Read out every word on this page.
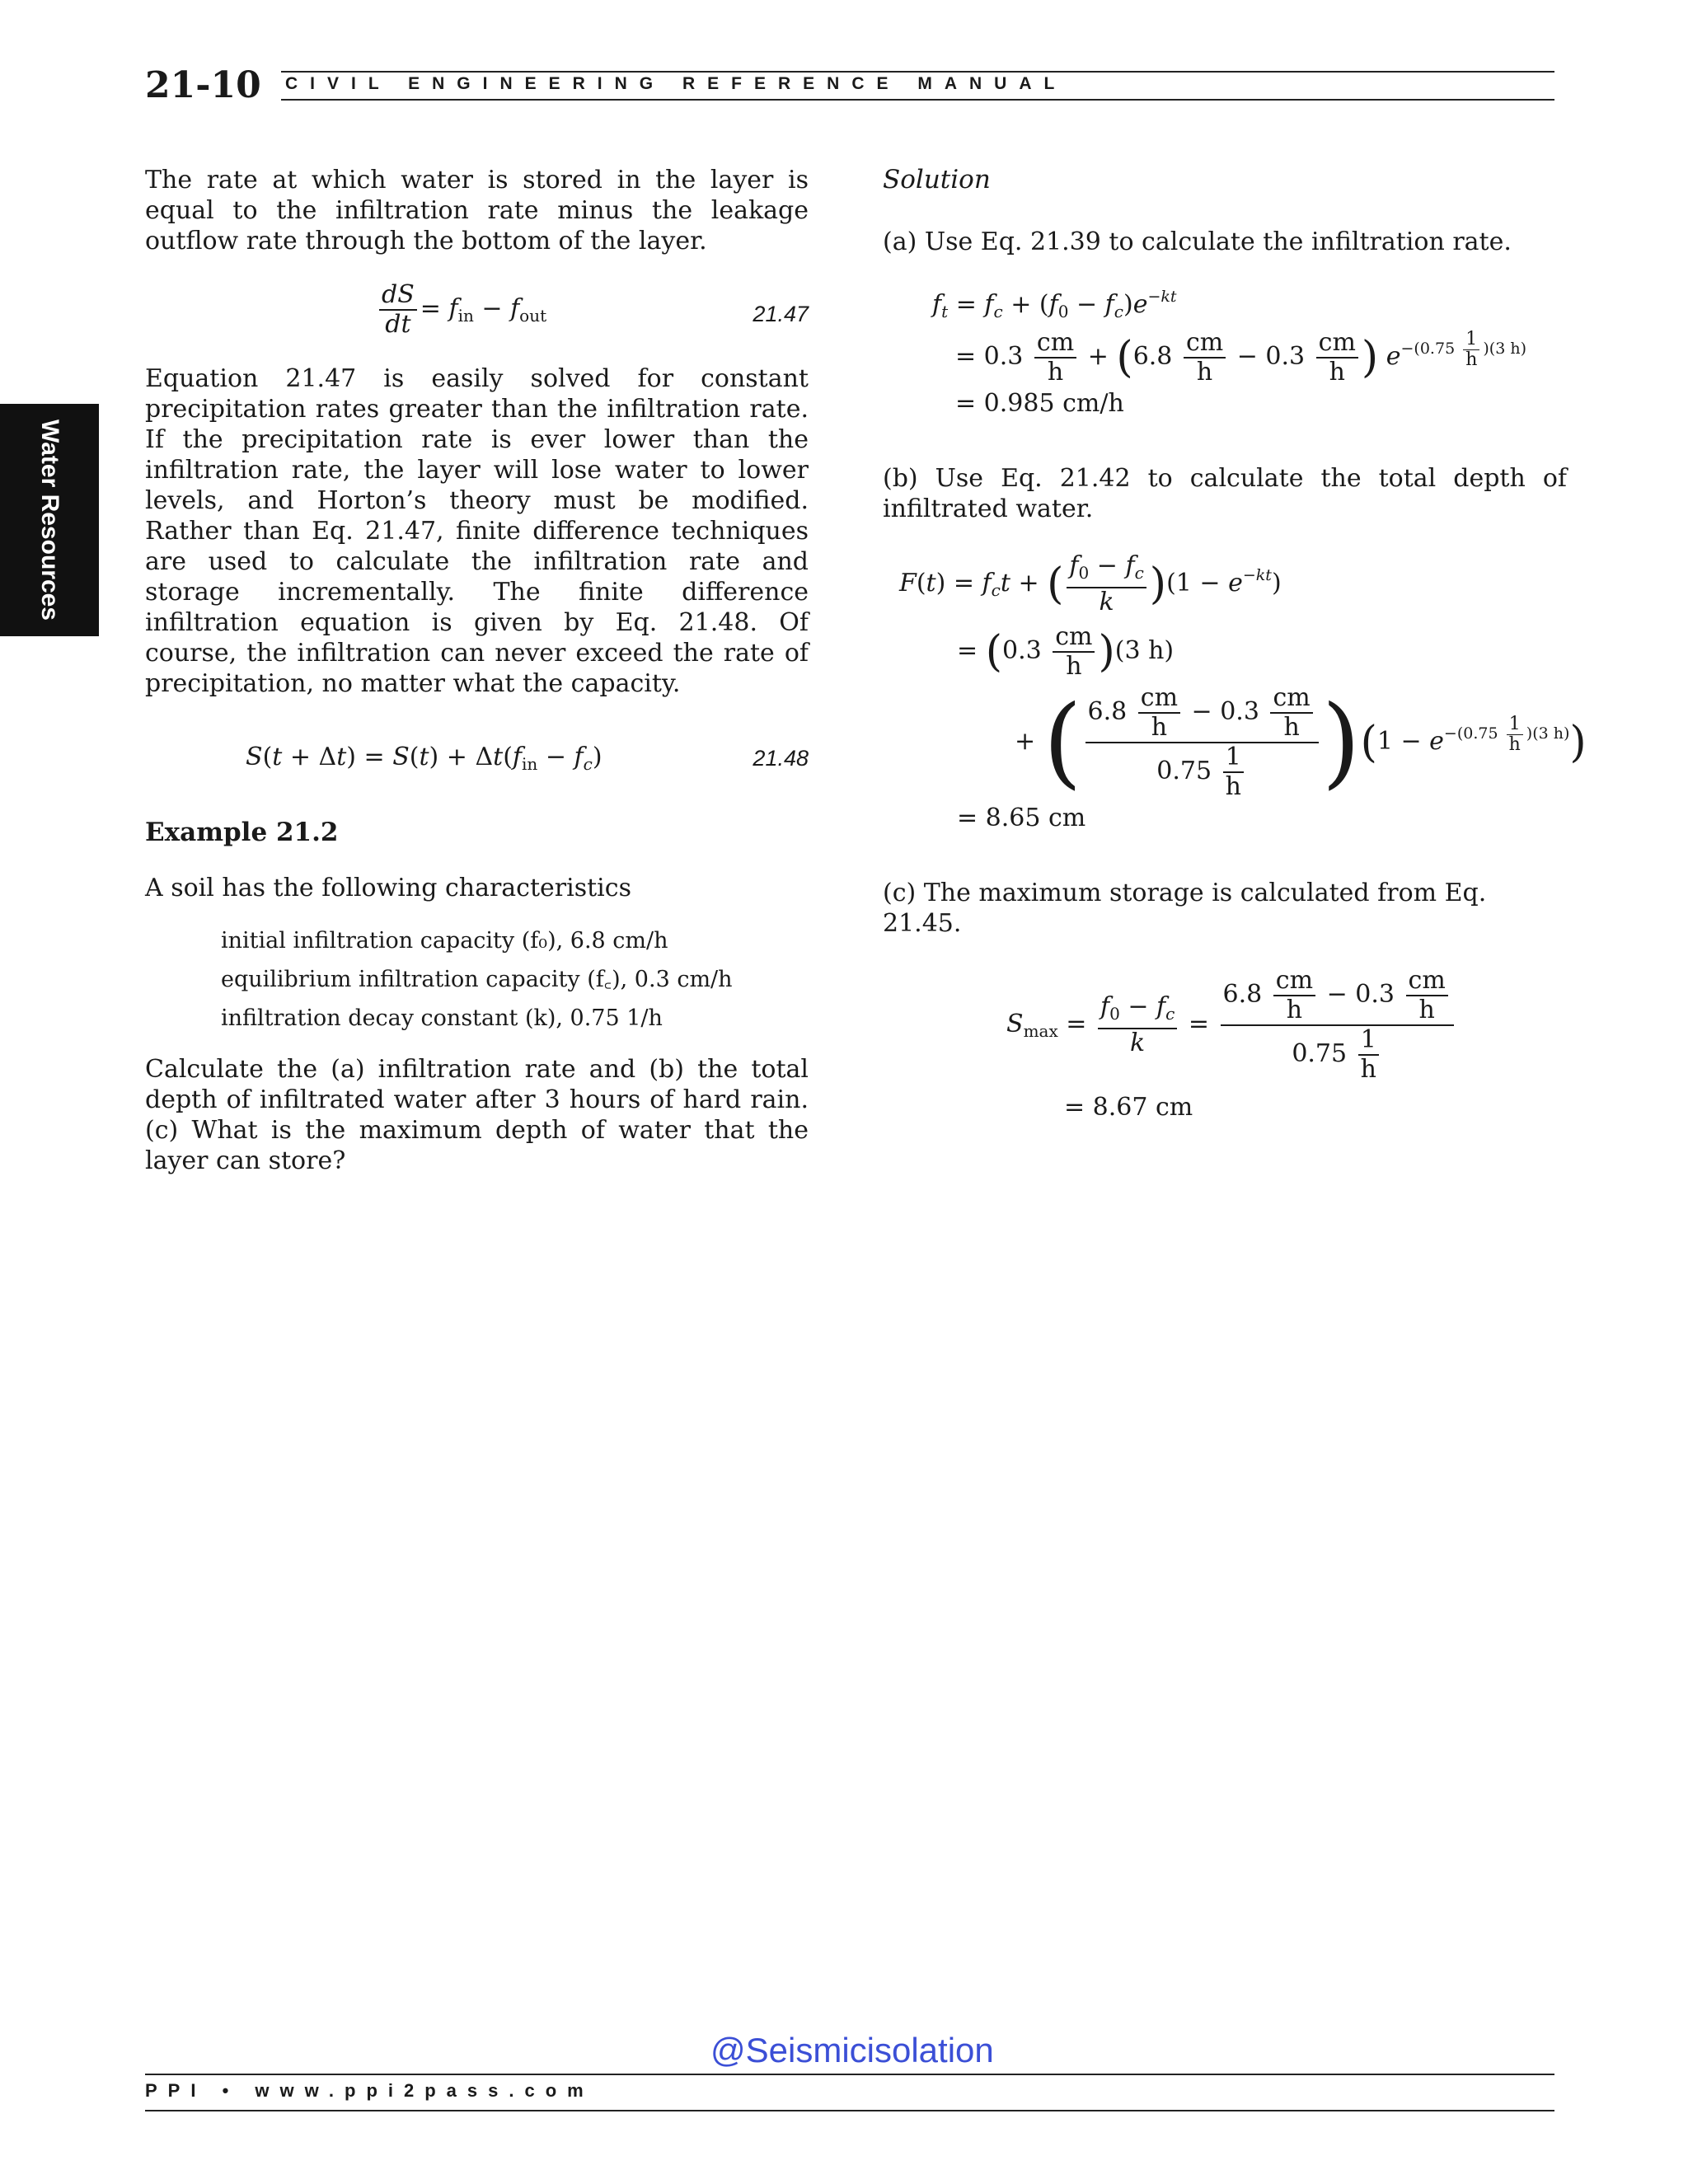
21-10 CIVIL ENGINEERING REFERENCE MANUAL
Water Resources

The rate at which water is stored in the layer is equal to the infiltration rate minus the leakage outflow rate through the bottom of the layer.

$\frac{dS}{dt} = f_{in} - f_{out}$	21.47

Equation 21.47 is easily solved for constant precipitation rates greater than the infiltration rate. If the precipitation rate is ever lower than the infiltration rate, the layer will lose water to lower levels, and Horton’s theory must be modified. Rather than Eq. 21.47, finite difference techniques are used to calculate the infiltration rate and storage incrementally. The finite difference infiltration equation is given by Eq. 21.48. Of course, the infiltration can never exceed the rate of precipitation, no matter what the capacity.

$S(t + \Delta t) = S(t) + \Delta t(f_{in} - f_c)$	21.48
Example 21.2

A soil has the following characteristics

initial infiltration capacity (f₀), 6.8 cm/h
equilibrium infiltration capacity (f꜀), 0.3 cm/h
infiltration decay constant (k), 0.75 1/h

Calculate the (a) infiltration rate and (b) the total depth of infiltrated water after 3 hours of hard rain. (c) What is the maximum depth of water that the layer can store?

Solution

(a) Use Eq. 21.39 to calculate the infiltration rate.

$f_t = f_c + (f_0 - f_c)e^{-kt}$
= $0.3 \frac{cm}{h} + (6.8 \frac{cm}{h} - 0.3 \frac{cm}{h}$ ) $e^{-(0.75 \frac{1}{h} )(3 h)}$
= 0.985 cm/h

(b) Use Eq. 21.42 to calculate the total depth of infiltrated water.

$F(t) = f_ct$ + ( $\frac{f_0 - f_c}{k} )(1 - e^{-kt})$
= $(0.3 \frac{cm}{h} )(3$ h)
+ ( $\frac{6.8 \frac{cm}{h} - 0.3 \frac{cm}{h}}{0.75 \frac{1}{h}} )(1 - e^{-(0.75 \frac{1}{h} )(3 h)})$
= 8.65 cm

(c) The maximum storage is calculated from Eq. 21.45.

$S_{max} = \frac{f_0 - f_c}{k} = \frac{6.8 \frac{cm}{h} - 0.3 \frac{cm}{h}}{0.75 \frac{1}{h}}$
= 8.67 cm
@Seismicisolation
PPI • www.ppi2pass.com
